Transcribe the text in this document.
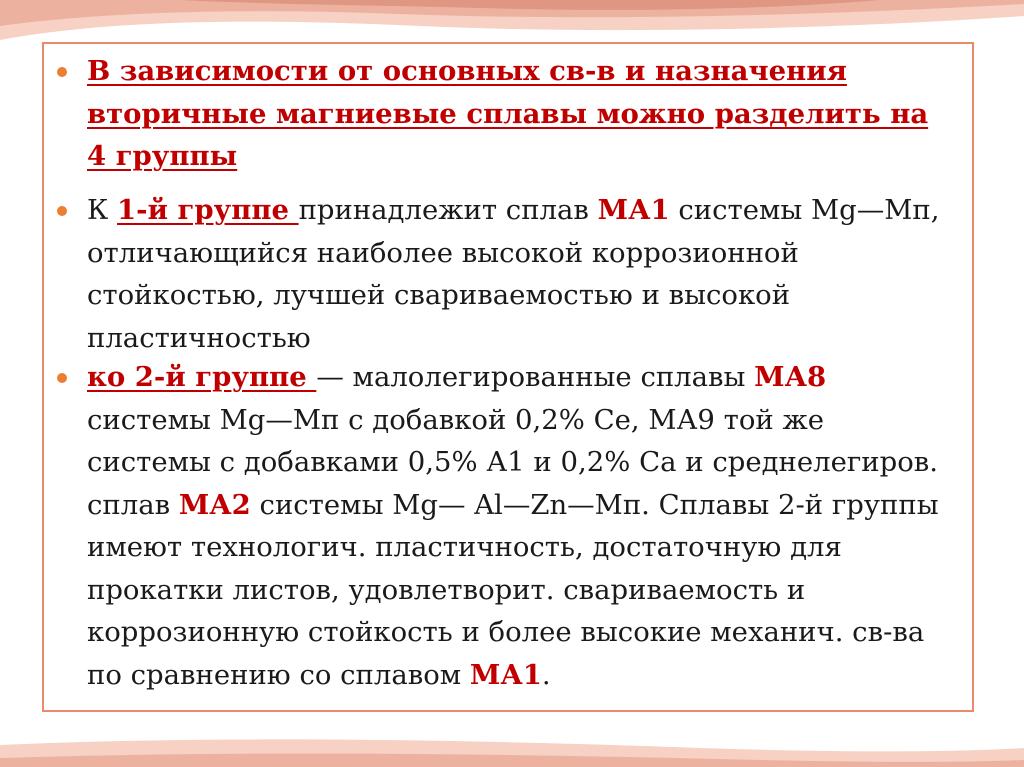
В зависимости от основных св-в и назначения вторичные магниевые сплавы можно разделить на 4 группы
К 1-й группе принадлежит сплав МА1 системы Mg—Мп, отличающийся наиболее высокой коррозионной стойкостью, лучшей свариваемостью и высокой пластичностью
ко 2-й группе — малолегированные сплавы МА8 системы Mg—Мп с добавкой 0,2% Се, МА9 той же системы с добавками 0,5% А1 и 0,2% Са и среднелегиров. сплав МА2 системы Mg— Al—Zn—Мп. Сплавы 2-й группы имеют технологич. пластичность, достаточную для прокатки листов, удовлетворит. свариваемость и коррозионную стойкость и более высокие механич. св-ва по сравнению со сплавом МА1.
